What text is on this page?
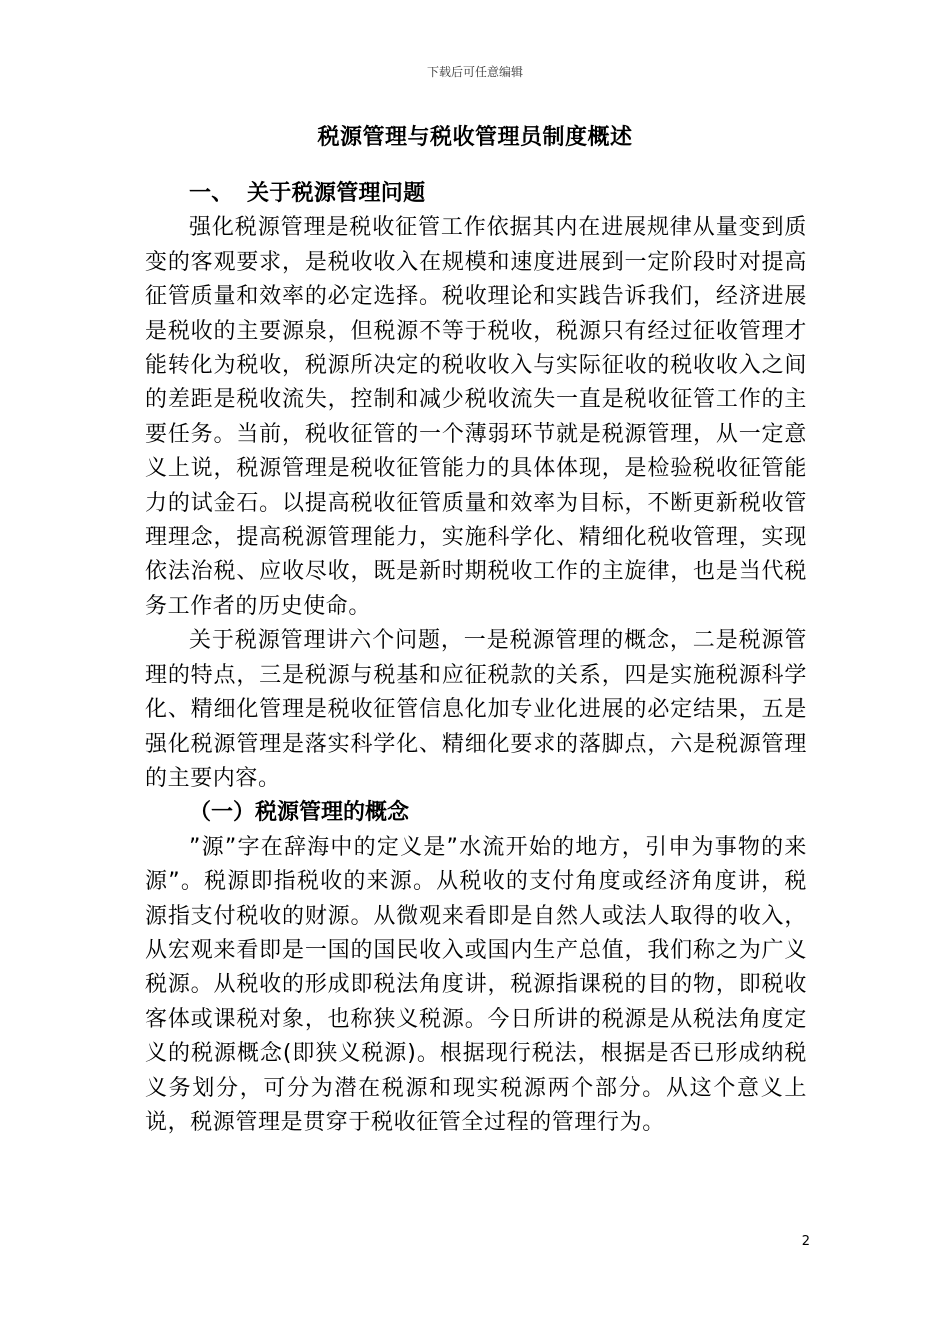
下载后可任意编辑
税源管理与税收管理员制度概述

一、 关于税源管理问题

强化税源管理是税收征管工作依据其内在进展规律从量变到质变的客观要求，是税收收入在规模和速度进展到一定阶段时对提高征管质量和效率的必定选择。税收理论和实践告诉我们，经济进展是税收的主要源泉，但税源不等于税收，税源只有经过征收管理才能转化为税收，税源所决定的税收收入与实际征收的税收收入之间的差距是税收流失，控制和减少税收流失一直是税收征管工作的主要任务。当前，税收征管的一个薄弱环节就是税源管理，从一定意义上说，税源管理是税收征管能力的具体体现，是检验税收征管能力的试金石。以提高税收征管质量和效率为目标，不断更新税收管理理念，提高税源管理能力，实施科学化、精细化税收管理，实现依法治税、应收尽收，既是新时期税收工作的主旋律，也是当代税务工作者的历史使命。

关于税源管理讲六个问题，一是税源管理的概念，二是税源管理的特点，三是税源与税基和应征税款的关系，四是实施税源科学化、精细化管理是税收征管信息化加专业化进展的必定结果，五是强化税源管理是落实科学化、精细化要求的落脚点，六是税源管理的主要内容。

（一）税源管理的概念

”源”字在辞海中的定义是”水流开始的地方，引申为事物的来源”。税源即指税收的来源。从税收的支付角度或经济角度讲，税源指支付税收的财源。从微观来看即是自然人或法人取得的收入，从宏观来看即是一国的国民收入或国内生产总值，我们称之为广义税源。从税收的形成即税法角度讲，税源指课税的目的物，即税收客体或课税对象，也称狭义税源。今日所讲的税源是从税法角度定义的税源概念(即狭义税源)。根据现行税法，根据是否已形成纳税义务划分，可分为潜在税源和现实税源两个部分。从这个意义上说，税源管理是贯穿于税收征管全过程的管理行为。

2
